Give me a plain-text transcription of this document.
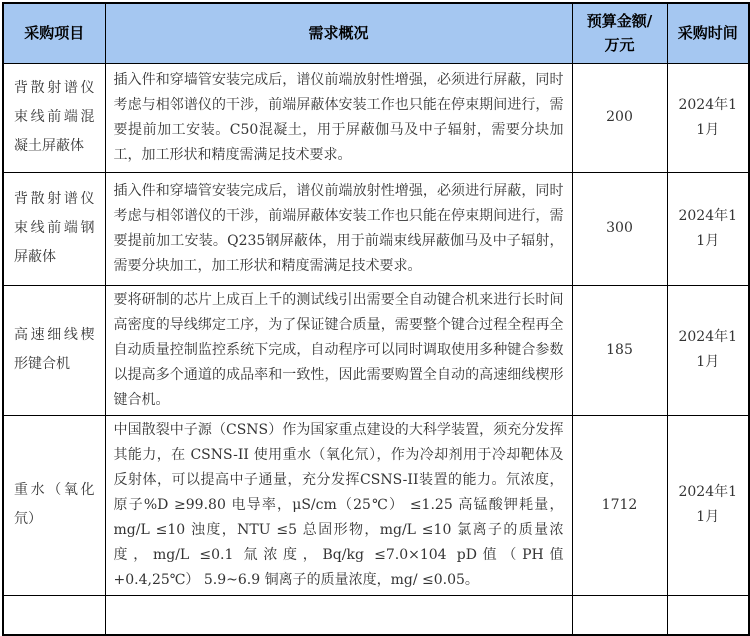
采购项目	需求概况	预算金额/万元	采购时间
背散射谱仪束线前端混凝土屏蔽体	插入件和穿墙管安装完成后，谱仪前端放射性增强，必须进行屏蔽，同时考虑与相邻谱仪的干涉，前端屏蔽体安装工作也只能在停束期间进行，需要提前加工安装。C50混凝土，用于屏蔽伽马及中子辐射，需要分块加工，加工形状和精度需满足技术要求。	200	2024年11月
背散射谱仪束线前端钢屏蔽体	插入件和穿墙管安装完成后，谱仪前端放射性增强，必须进行屏蔽，同时考虑与相邻谱仪的干涉，前端屏蔽体安装工作也只能在停束期间进行，需要提前加工安装。Q235钢屏蔽体，用于前端束线屏蔽伽马及中子辐射，需要分块加工，加工形状和精度需满足技术要求。	300	2024年11月
高速细线楔形键合机	要将研制的芯片上成百上千的测试线引出需要全自动键合机来进行长时间高密度的导线绑定工序，为了保证键合质量，需要整个键合过程全程再全自动质量控制监控系统下完成，自动程序可以同时调取使用多种键合参数以提高多个通道的成品率和一致性，因此需要购置全自动的高速细线楔形键合机。	185	2024年11月
重水（氧化氘）	中国散裂中子源（CSNS）作为国家重点建设的大科学装置，须充分发挥其能力，在 CSNS-II 使用重水（氧化氘），作为冷却剂用于冷却靶体及反射体，可以提高中子通量，充分发挥CSNS-II装置的能力。氘浓度，原子%D ≥99.80 电导率，μS/cm（25℃） ≤1.25 高锰酸钾耗量，mg/L ≤10 浊度，NTU ≤5 总固形物，mg/L ≤10 氯离子的质量浓度，mg/L ≤0.1 氚浓度，Bq/kg ≤7.0×104 pD值（PH值+0.4,25℃） 5.9~6.9 铜离子的质量浓度，mg/ ≤0.05。	1712	2024年11月
